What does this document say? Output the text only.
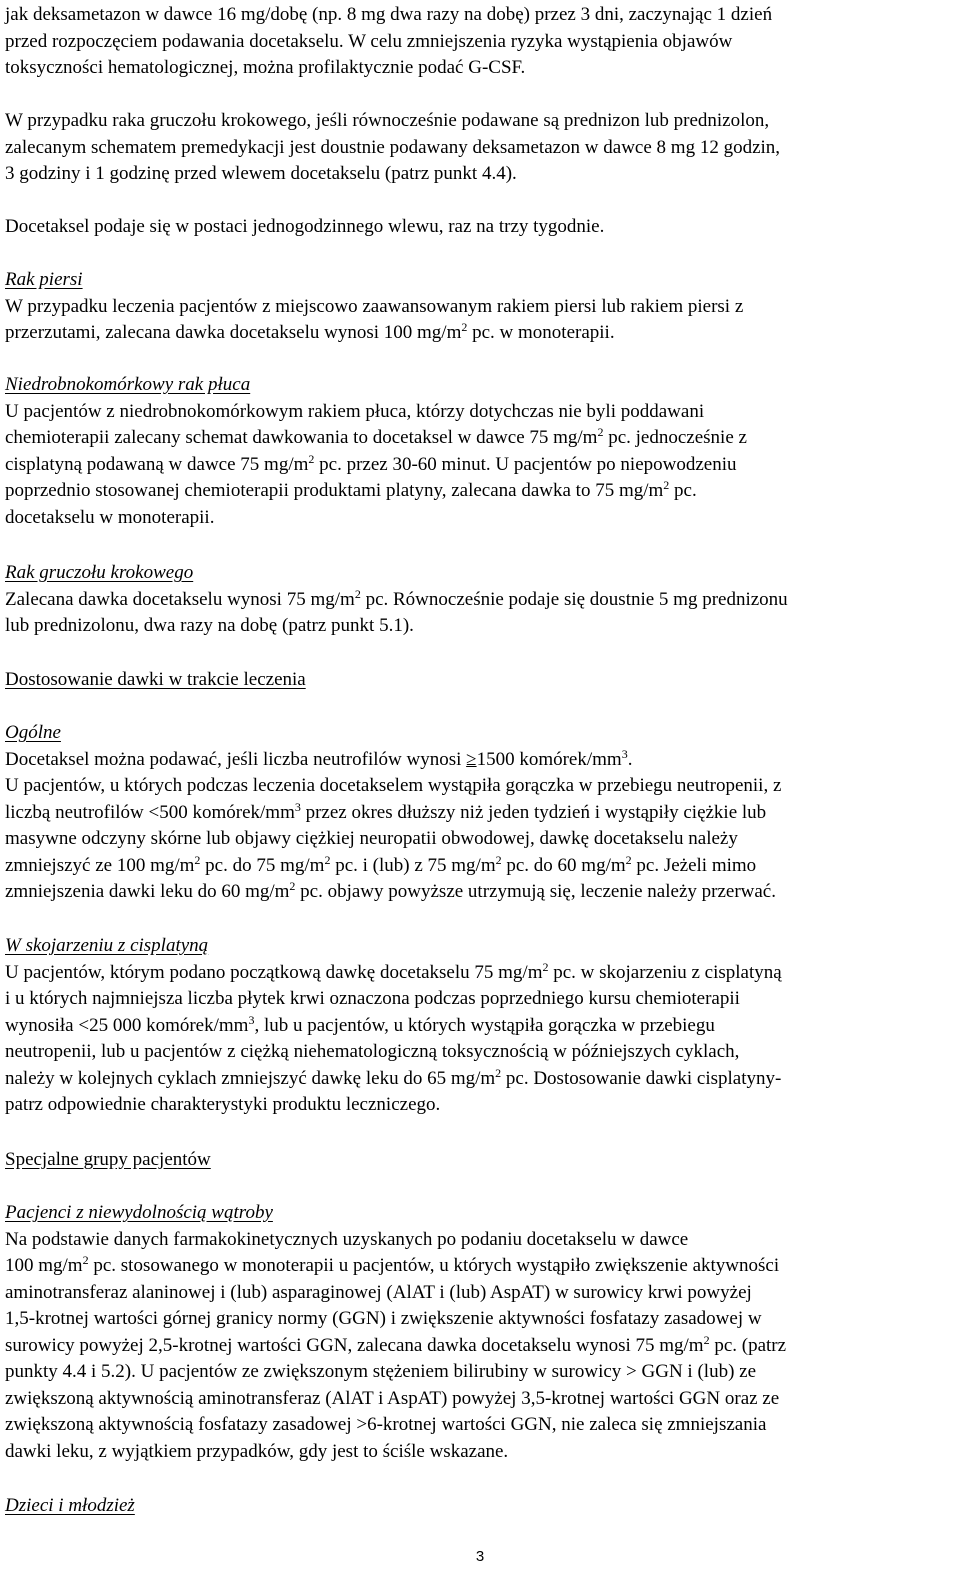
jak deksametazon w dawce 16 mg/dobę (np. 8 mg dwa razy na dobę) przez 3 dni, zaczynając 1 dzień
przed rozpoczęciem podawania docetakselu. W celu zmniejszenia ryzyka wystąpienia objawów
toksyczności hematologicznej, można profilaktycznie podać G-CSF.
W przypadku raka gruczołu krokowego, jeśli równocześnie podawane są prednizon lub prednizolon,
zalecanym schematem premedykacji jest doustnie podawany deksametazon w dawce 8 mg 12 godzin,
3 godziny i 1 godzinę przed wlewem docetakselu (patrz punkt 4.4).
Docetaksel podaje się w postaci jednogodzinnego wlewu, raz na trzy tygodnie.
Rak piersi
W przypadku leczenia pacjentów z miejscowo zaawansowanym rakiem piersi lub rakiem piersi z
przerzutami, zalecana dawka docetakselu wynosi 100 $mg/m^2$ pc. w monoterapii.
Niedrobnokomórkowy rak płuca
U pacjentów z niedrobnokomórkowym rakiem płuca, którzy dotychczas nie byli poddawani
chemioterapii zalecany schemat dawkowania to docetaksel w dawce 75 $mg/m^2$ pc. jednocześnie z
cisplatyną podawaną w dawce 75 $mg/m^2$ pc. przez 30-60 minut. U pacjentów po niepowodzeniu
poprzednio stosowanej chemioterapii produktami platyny, zalecana dawka to 75 $mg/m^2$ pc.
docetakselu w monoterapii.
Rak gruczołu krokowego
Zalecana dawka docetakselu wynosi 75 $mg/m^2$ pc. Równocześnie podaje się doustnie 5 mg prednizonu
lub prednizolonu, dwa razy na dobę (patrz punkt 5.1).
Dostosowanie dawki w trakcie leczenia
Ogólne
Docetaksel można podawać, jeśli liczba neutrofilów wynosi ≥1500 komórek/$mm^3$.
U pacjentów, u których podczas leczenia docetakselem wystąpiła gorączka w przebiegu neutropenii, z
liczbą neutrofilów <500 komórek/$mm^3$ przez okres dłuższy niż jeden tydzień i wystąpiły ciężkie lub
masywne odczyny skórne lub objawy ciężkiej neuropatii obwodowej, dawkę docetakselu należy
zmniejszyć ze 100 $mg/m^2$ pc. do 75 $mg/m^2$ pc. i (lub) z 75 $mg/m^2$ pc. do 60 $mg/m^2$ pc. Jeżeli mimo
zmniejszenia dawki leku do 60 $mg/m^2$ pc. objawy powyższe utrzymują się, leczenie należy przerwać.
W skojarzeniu z cisplatyną
U pacjentów, którym podano początkową dawkę docetakselu 75 $mg/m^2$ pc. w skojarzeniu z cisplatyną
i u których najmniejsza liczba płytek krwi oznaczona podczas poprzedniego kursu chemioterapii
wynosiła <25 000 komórek/$mm^3$, lub u pacjentów, u których wystąpiła gorączka w przebiegu
neutropenii, lub u pacjentów z ciężką niehematologiczną toksycznością w późniejszych cyklach,
należy w kolejnych cyklach zmniejszyć dawkę leku do 65 $mg/m^2$ pc. Dostosowanie dawki cisplatyny-
patrz odpowiednie charakterystyki produktu leczniczego.
Specjalne grupy pacjentów
Pacjenci z niewydolnością wątroby
Na podstawie danych farmakokinetycznych uzyskanych po podaniu docetakselu w dawce
100 $mg/m^2$ pc. stosowanego w monoterapii u pacjentów, u których wystąpiło zwiększenie aktywności
aminotransferaz alaninowej i (lub) asparaginowej (AlAT i (lub) AspAT) w surowicy krwi powyżej
1,5-krotnej wartości górnej granicy normy (GGN) i zwiększenie aktywności fosfatazy zasadowej w
surowicy powyżej 2,5-krotnej wartości GGN, zalecana dawka docetakselu wynosi 75 $mg/m^2$ pc. (patrz
punkty 4.4 i 5.2). U pacjentów ze zwiększonym stężeniem bilirubiny w surowicy > GGN i (lub) ze
zwiększoną aktywnością aminotransferaz (AlAT i AspAT) powyżej 3,5-krotnej wartości GGN oraz ze
zwiększoną aktywnością fosfatazy zasadowej >6-krotnej wartości GGN, nie zaleca się zmniejszania
dawki leku, z wyjątkiem przypadków, gdy jest to ściśle wskazane.
Dzieci i młodzież
3
